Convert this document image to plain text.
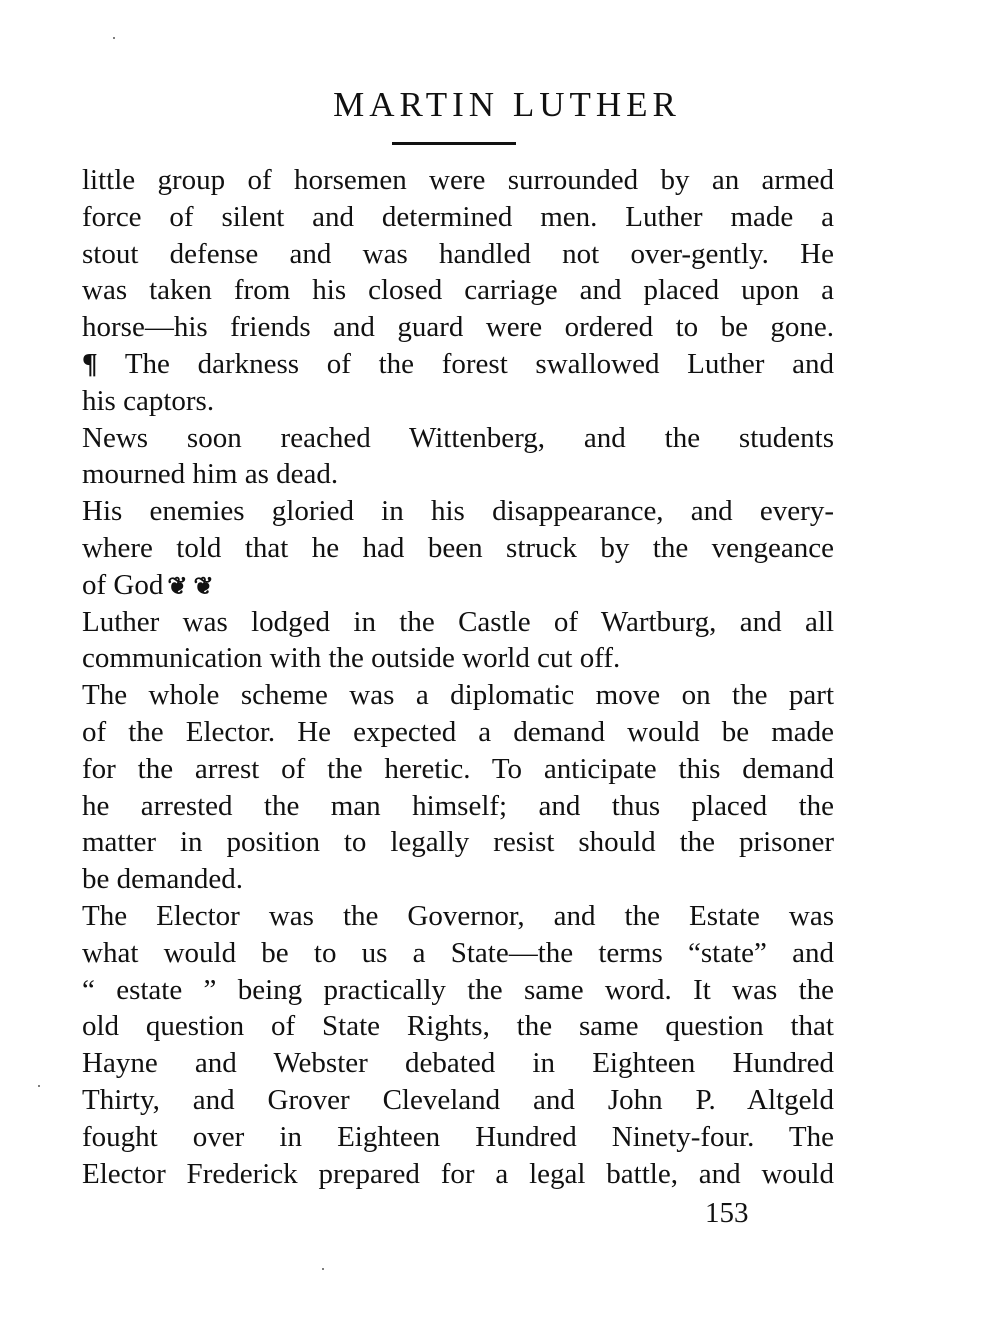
MARTIN LUTHER
little group of horsemen were surrounded by an armed
force of silent and determined men. Luther made a
stout defense and was handled not over-gently. He
was taken from his closed carriage and placed upon a
horse—his friends and guard were ordered to be gone.
¶ The darkness of the forest swallowed Luther and
his captors.
News soon reached Wittenberg, and the students
mourned him as dead.
His enemies gloried in his disappearance, and every-
where told that he had been struck by the vengeance
of God ❦ ❦
Luther was lodged in the Castle of Wartburg, and all
communication with the outside world cut off.
The whole scheme was a diplomatic move on the part
of the Elector. He expected a demand would be made
for the arrest of the heretic. To anticipate this demand
he arrested the man himself; and thus placed the
matter in position to legally resist should the prisoner
be demanded.
The Elector was the Governor, and the Estate was
what would be to us a State—the terms “state” and
“ estate ” being practically the same word. It was the
old question of State Rights, the same question that
Hayne and Webster debated in Eighteen Hundred
Thirty, and Grover Cleveland and John P. Altgeld
fought over in Eighteen Hundred Ninety-four. The
Elector Frederick prepared for a legal battle, and would
153
